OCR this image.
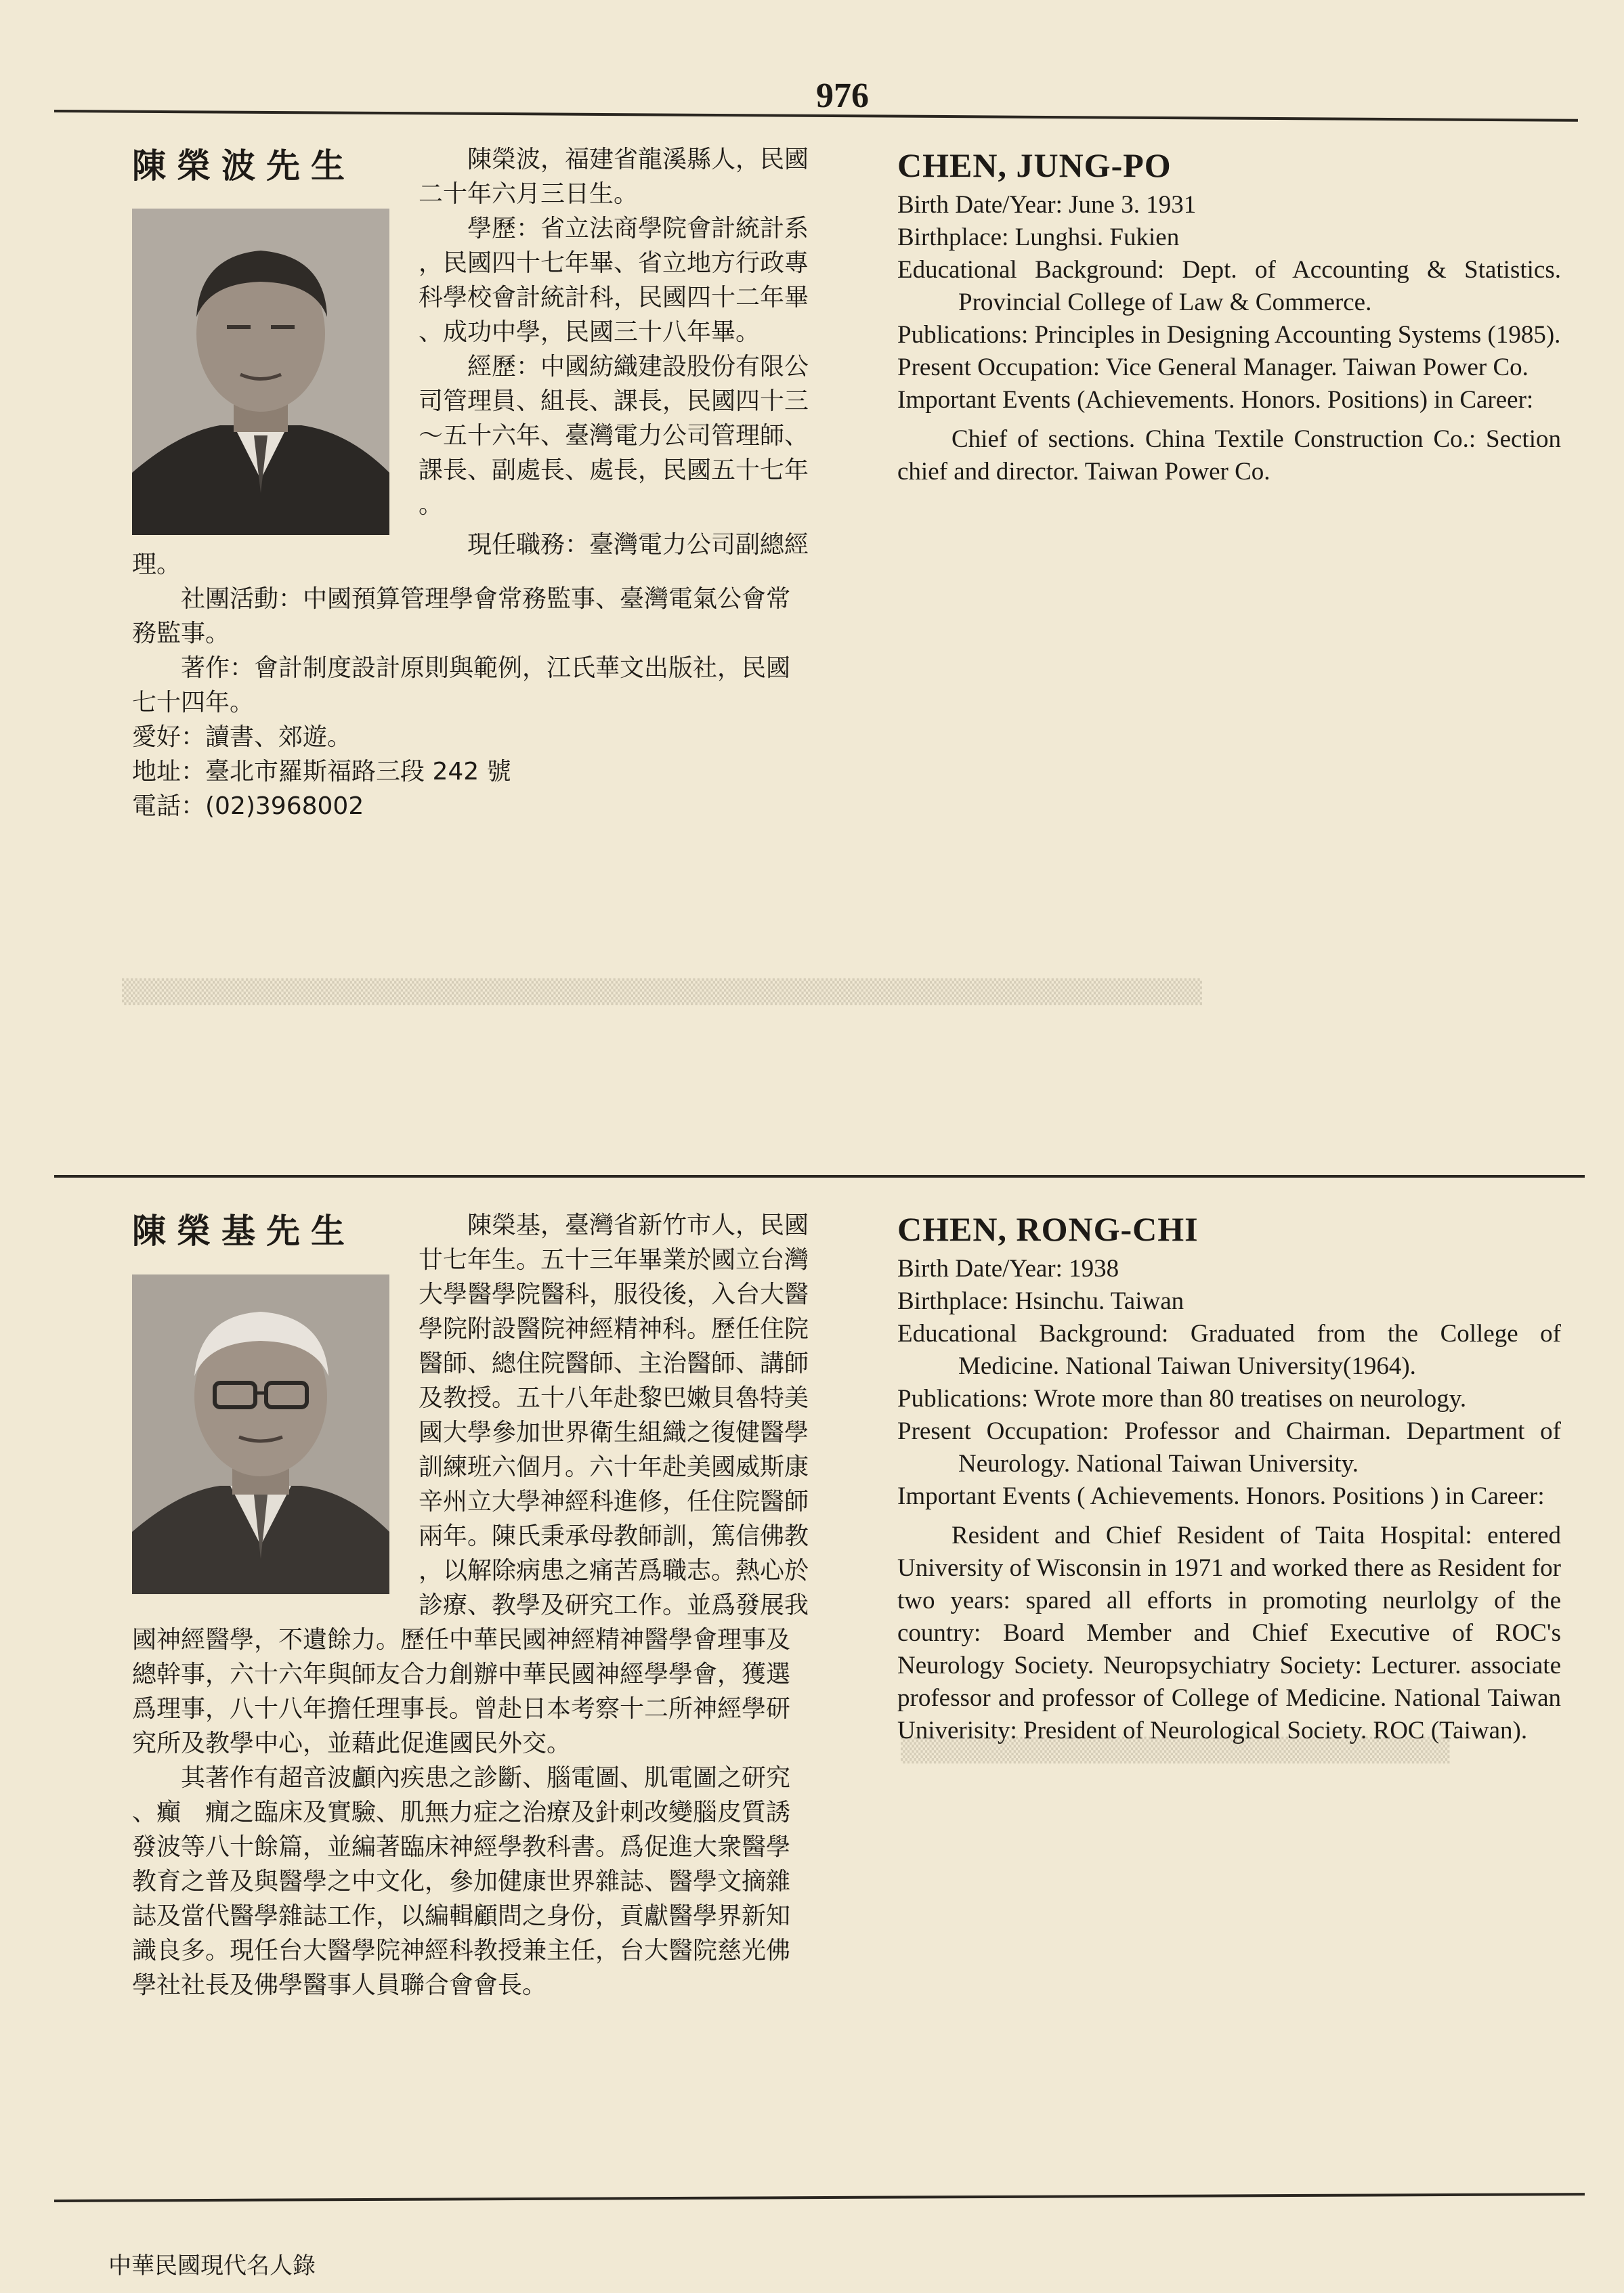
▒▒▒▒▒▒▒▒▒▒▒▒▒▒▒▒▒▒▒▒▒▒▒▒▒▒▒▒▒▒▒▒▒▒▒▒▒▒▒▒▒▒▒▒▒▒▒▒▒▒▒▒▒▒▒▒▒▒▒▒▒
▒▒▒▒▒▒▒▒▒▒▒▒▒▒▒▒▒▒▒▒▒▒▒▒▒▒▒▒▒▒▒
976
陳榮波先生	陳榮波，福建省龍溪縣人，民國

二十年六月三日生。

學歷：省立法商學院會計統計系

，民國四十七年畢、省立地方行政專

科學校會計統計科，民國四十二年畢

、成功中學，民國三十八年畢。

經歷：中國紡織建設股份有限公

司管理員、組長、課長，民國四十三

～五十六年、臺灣電力公司管理師、

課長、副處長、處長，民國五十七年

。

現任職務：臺灣電力公司副總經

理。

社團活動：中國預算管理學會常務監事、臺灣電氣公會常

務監事。

著作：會計制度設計原則與範例，江氏華文出版社，民國

七十四年。

愛好：讀書、郊遊。

地址：臺北市羅斯福路三段 242 號

電話：(02)3968002

CHEN, JUNG-PO

Birth Date/Year: June 3. 1931

Birthplace: Lunghsi. Fukien

Educational Background: Dept. of Accounting & Statistics. Provincial College of Law & Commerce.

Publications: Principles in Designing Accounting Systems (1985).

Present Occupation: Vice General Manager. Taiwan Power Co.

Important Events (Achievements. Honors. Positions) in Career:

Chief of sections. China Textile Construction Co.: Section chief and director. Taiwan Power Co.

陳榮基先生	陳榮基，臺灣省新竹市人，民國

廿七年生。五十三年畢業於國立台灣

大學醫學院醫科，服役後，入台大醫

學院附設醫院神經精神科。歷任住院

醫師、總住院醫師、主治醫師、講師

及教授。五十八年赴黎巴嫩貝魯特美

國大學參加世界衛生組織之復健醫學

訓練班六個月。六十年赴美國威斯康

辛州立大學神經科進修，任住院醫師

兩年。陳氏秉承母教師訓，篤信佛教

，以解除病患之痛苦爲職志。熱心於

診療、教學及研究工作。並爲發展我

國神經醫學，不遺餘力。歷任中華民國神經精神醫學會理事及

總幹事，六十六年與師友合力創辦中華民國神經學學會，獲選

爲理事，八十八年擔任理事長。曾赴日本考察十二所神經學研

究所及教學中心，並藉此促進國民外交。

其著作有超音波顱內疾患之診斷、腦電圖、肌電圖之研究

、癲　癇之臨床及實驗、肌無力症之治療及針刺改變腦皮質誘

發波等八十餘篇，並編著臨床神經學教科書。爲促進大衆醫學

教育之普及與醫學之中文化，參加健康世界雜誌、醫學文摘雜

誌及當代醫學雜誌工作，以編輯顧問之身份，貢獻醫學界新知

識良多。現任台大醫學院神經科教授兼主任，台大醫院慈光佛

學社社長及佛學醫事人員聯合會會長。

CHEN, RONG-CHI

Birth Date/Year: 1938

Birthplace: Hsinchu. Taiwan

Educational Background: Graduated from the College of Medicine. National Taiwan University(1964).

Publications: Wrote more than 80 treatises on neurology.

Present Occupation: Professor and Chairman. Department of Neurology. National Taiwan University.

Important Events ( Achievements. Honors. Positions ) in Career:

Resident and Chief Resident of Taita Hospital: entered University of Wisconsin in 1971 and worked there as Resident for two years: spared all efforts in promoting neurlolgy of the country: Board Member and Chief Executive of ROC's Neurology Society. Neuropsychiatry Society: Lecturer. associate professor and professor of College of Medicine. National Taiwan Univerisity: President of Neurological Society. ROC (Taiwan).

中華民國現代名人錄
